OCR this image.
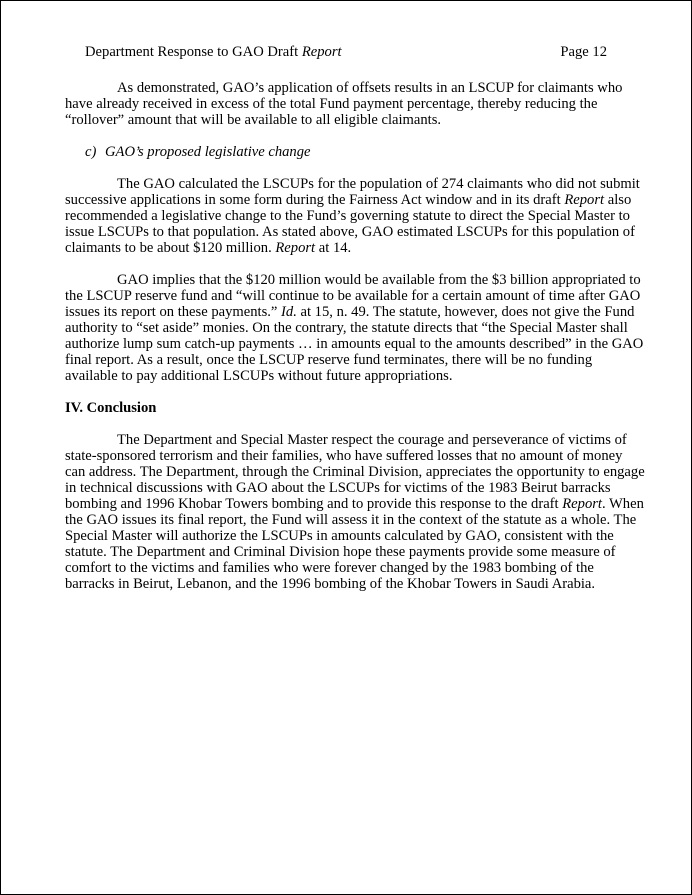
Department Response to GAO Draft Report	Page 12

As demonstrated, GAO’s application of offsets results in an LSCUP for claimants who have already received in excess of the total Fund payment percentage, thereby reducing the “rollover” amount that will be available to all eligible claimants.

c) GAO’s proposed legislative change

The GAO calculated the LSCUPs for the population of 274 claimants who did not submit successive applications in some form during the Fairness Act window and in its draft Report also recommended a legislative change to the Fund’s governing statute to direct the Special Master to issue LSCUPs to that population. As stated above, GAO estimated LSCUPs for this population of claimants to be about $120 million. Report at 14.

GAO implies that the $120 million would be available from the $3 billion appropriated to the LSCUP reserve fund and “will continue to be available for a certain amount of time after GAO issues its report on these payments.” Id. at 15, n. 49. The statute, however, does not give the Fund authority to “set aside” monies. On the contrary, the statute directs that “the Special Master shall authorize lump sum catch-up payments … in amounts equal to the amounts described” in the GAO final report. As a result, once the LSCUP reserve fund terminates, there will be no funding available to pay additional LSCUPs without future appropriations.

IV. Conclusion

The Department and Special Master respect the courage and perseverance of victims of state-sponsored terrorism and their families, who have suffered losses that no amount of money can address. The Department, through the Criminal Division, appreciates the opportunity to engage in technical discussions with GAO about the LSCUPs for victims of the 1983 Beirut barracks bombing and 1996 Khobar Towers bombing and to provide this response to the draft Report. When the GAO issues its final report, the Fund will assess it in the context of the statute as a whole. The Special Master will authorize the LSCUPs in amounts calculated by GAO, consistent with the statute. The Department and Criminal Division hope these payments provide some measure of comfort to the victims and families who were forever changed by the 1983 bombing of the barracks in Beirut, Lebanon, and the 1996 bombing of the Khobar Towers in Saudi Arabia.
